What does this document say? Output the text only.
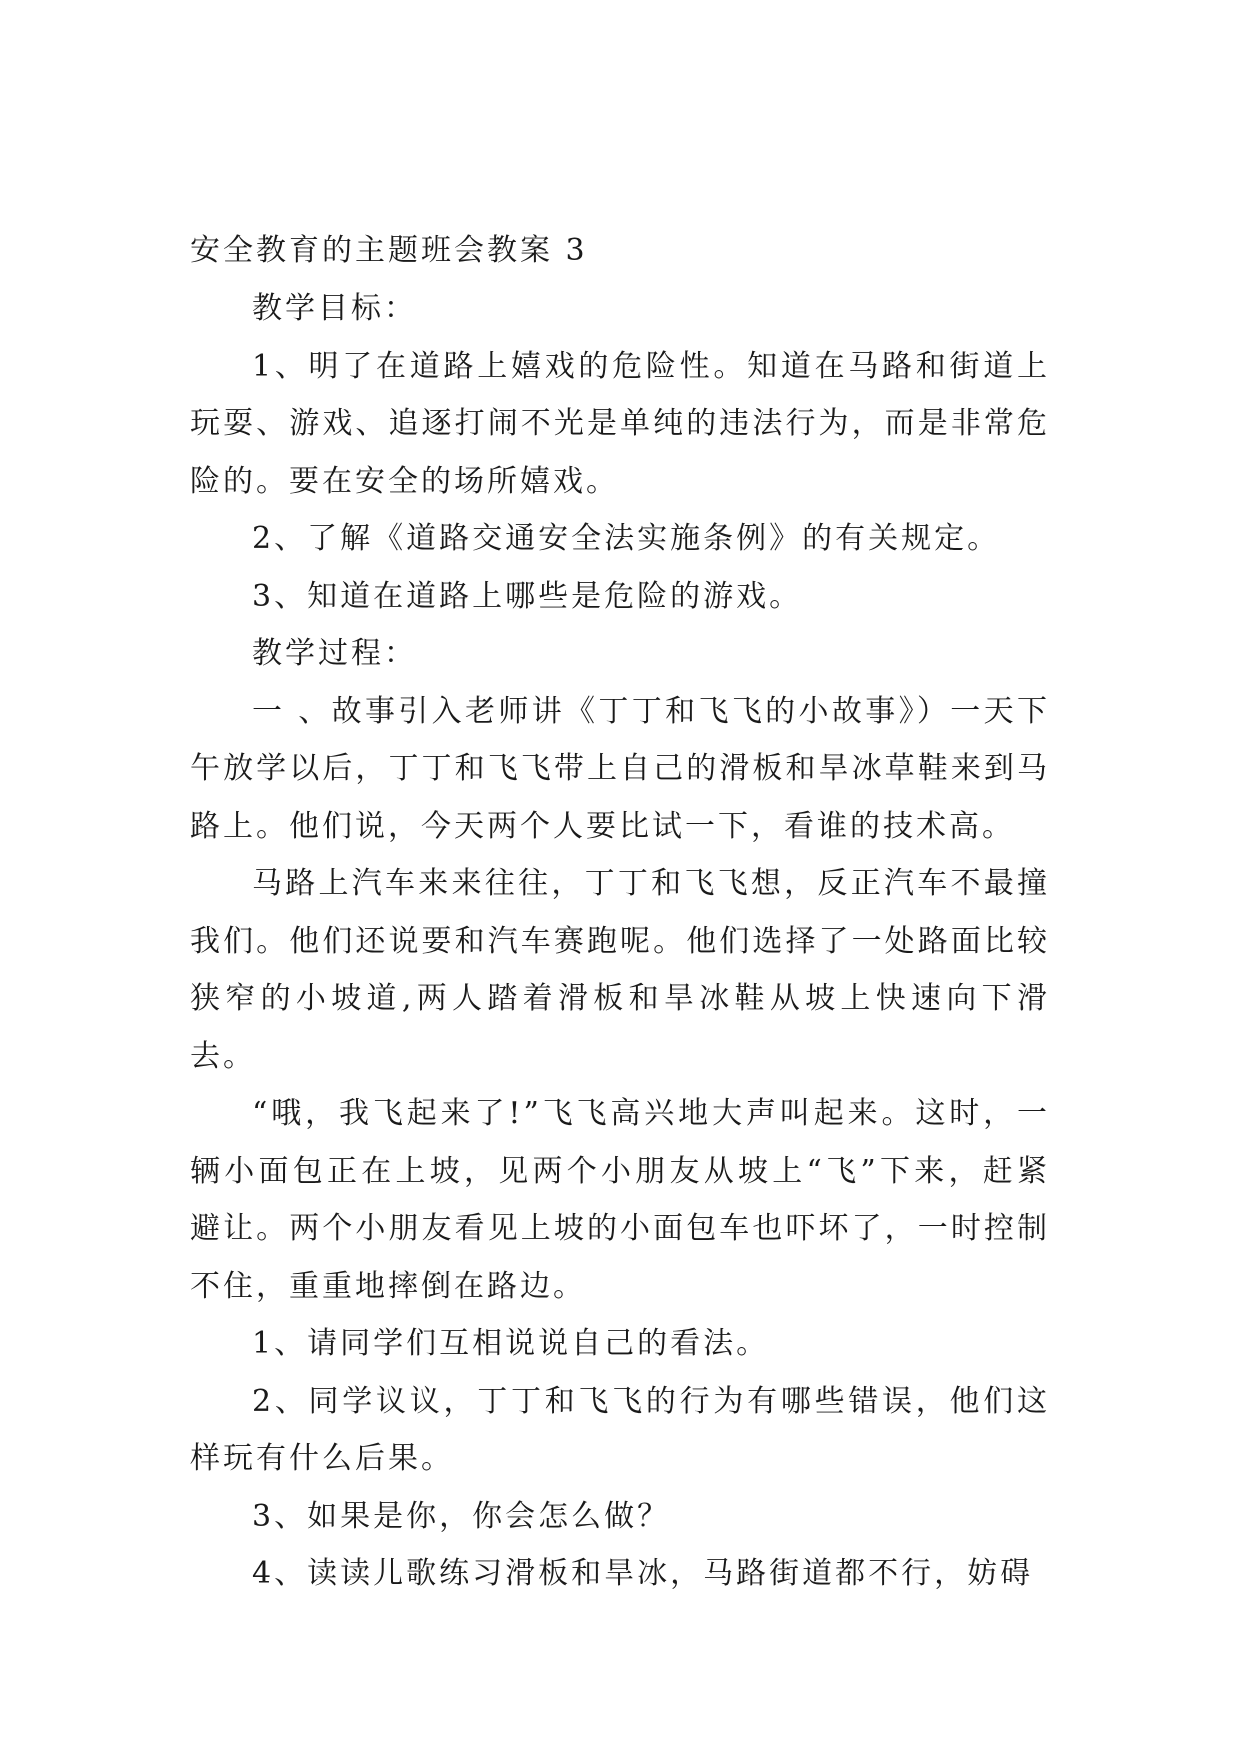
安全教育的主题班会教案 3

教学目标：

1、明了在道路上嬉戏的危险性。知道在马路和街道上玩耍、游戏、追逐打闹不光是单纯的违法行为，而是非常危险的。要在安全的场所嬉戏。

2、了解《道路交通安全法实施条例》的有关规定。

3、知道在道路上哪些是危险的游戏。

教学过程：

一 、故事引入老师讲《丁丁和飞飞的小故事》）一天下午放学以后，丁丁和飞飞带上自己的滑板和旱冰草鞋来到马路上。他们说，今天两个人要比试一下，看谁的技术高。

马路上汽车来来往往，丁丁和飞飞想，反正汽车不最撞我们。他们还说要和汽车赛跑呢。他们选择了一处路面比较狭窄的小坡道,两人踏着滑板和旱冰鞋从坡上快速向下滑去。

“哦，我飞起来了!”飞飞高兴地大声叫起来。这时，一辆小面包正在上坡，见两个小朋友从坡上“飞”下来，赶紧避让。两个小朋友看见上坡的小面包车也吓坏了，一时控制不住，重重地摔倒在路边。

1、请同学们互相说说自己的看法。

2、同学议议，丁丁和飞飞的行为有哪些错误，他们这样玩有什么后果。

3、如果是你，你会怎么做？

4、读读儿歌练习滑板和旱冰，马路街道都不行，妨碍
